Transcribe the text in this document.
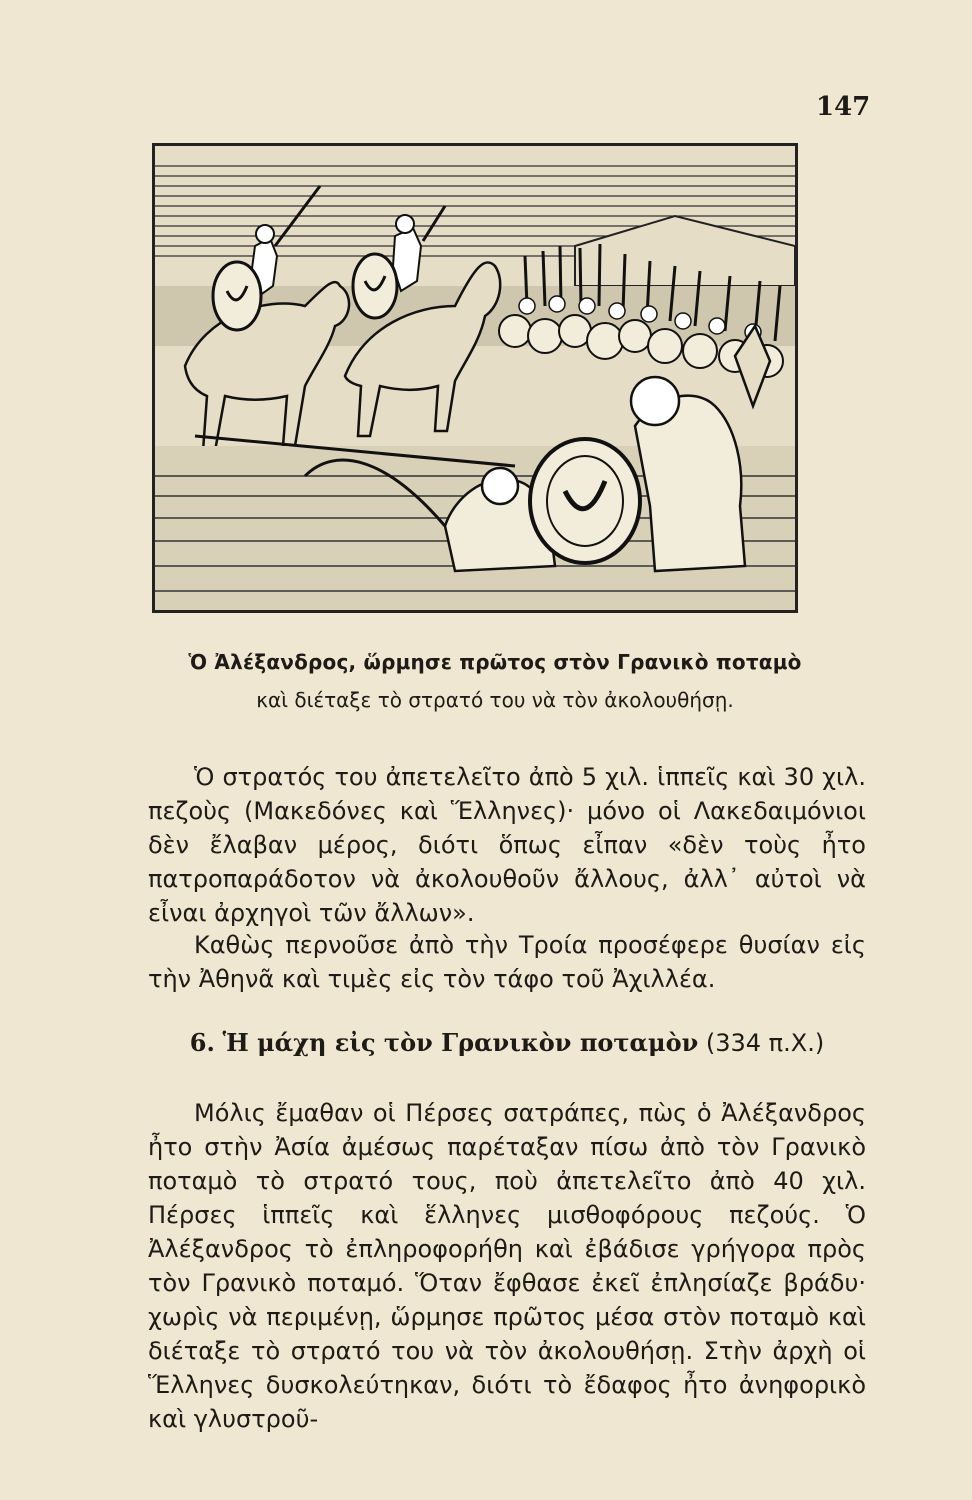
147
Ὁ Ἀλέξανδρος, ὥρμησε πρῶτος στὸν Γρανικὸ ποταμὸ
καὶ διέταξε τὸ στρατό του νὰ τὸν ἀκολουθήσῃ.

Ὁ στρατός του ἀπετελεῖτο ἀπὸ 5 χιλ. ἱππεῖς καὶ 30 χιλ. πεζοὺς (Μακεδόνες καὶ Ἕλληνες)· μόνο οἱ Λακεδαιμόνιοι δὲν ἔλαβαν μέρος, διότι ὅπως εἶπαν «δὲν τοὺς ἦτο πατροπαράδοτον νὰ ἀκολουθοῦν ἄλλους, ἀλλ᾽ αὐτοὶ νὰ εἶναι ἀρχηγοὶ τῶν ἄλλων».

Καθὼς περνοῦσε ἀπὸ τὴν Τροία προσέφερε θυσίαν εἰς τὴν Ἀθηνᾶ καὶ τιμὲς εἰς τὸν τάφο τοῦ Ἀχιλλέα.

6. Ἡ μάχη εἰς τὸν Γρανικὸν ποταμὸν (334 π.Χ.)

Μόλις ἔμαθαν οἱ Πέρσες σατράπες, πὼς ὁ Ἀλέξανδρος ἦτο στὴν Ἀσία ἀμέσως παρέταξαν πίσω ἀπὸ τὸν Γρανικὸ ποταμὸ τὸ στρατό τους, ποὺ ἀπετελεῖτο ἀπὸ 40 χιλ. Πέρσες ἱππεῖς καὶ ἕλληνες μισθοφόρους πεζούς. Ὁ Ἀλέξανδρος τὸ ἐπληροφορήθη καὶ ἐβάδισε γρήγορα πρὸς τὸν Γρανικὸ ποταμό. Ὅταν ἔφθασε ἐκεῖ ἐπλησίαζε βράδυ· χωρὶς νὰ περιμένῃ, ὥρμησε πρῶτος μέσα στὸν ποταμὸ καὶ διέταξε τὸ στρατό του νὰ τὸν ἀκολουθήσῃ. Στὴν ἀρχὴ οἱ Ἕλληνες δυσκολεύτηκαν, διότι τὸ ἔδαφος ἦτο ἀνηφορικὸ καὶ γλυστροῦ-
